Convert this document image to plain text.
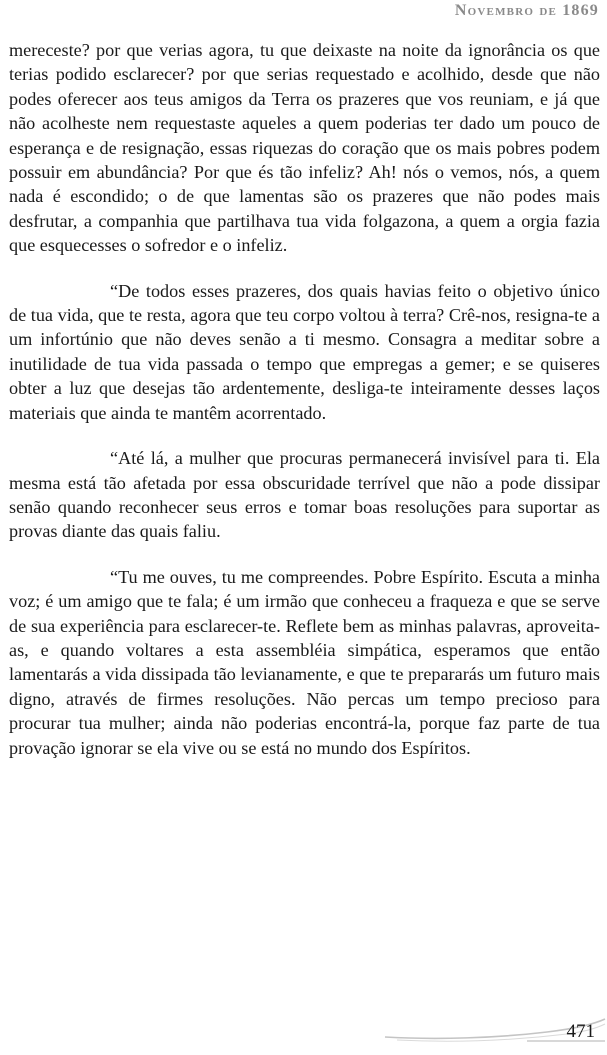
Novembro de 1869

mereceste? por que verias agora, tu que deixaste na noite da ignorância os que terias podido esclarecer? por que serias requestado e acolhido, desde que não podes oferecer aos teus amigos da Terra os prazeres que vos reuniam, e já que não acolheste nem requestaste aqueles a quem poderias ter dado um pouco de esperança e de resignação, essas riquezas do coração que os mais pobres podem possuir em abundância? Por que és tão infeliz? Ah! nós o vemos, nós, a quem nada é escondido; o de que lamentas são os prazeres que não podes mais desfrutar, a companhia que partilhava tua vida folgazona, a quem a orgia fazia que esquecesses o sofredor e o infeliz.

“De todos esses prazeres, dos quais havias feito o objetivo único de tua vida, que te resta, agora que teu corpo voltou à terra? Crê-nos, resigna-te a um infortúnio que não deves senão a ti mesmo. Consagra a meditar sobre a inutilidade de tua vida passada o tempo que empregas a gemer; e se quiseres obter a luz que desejas tão ardentemente, desliga-te inteiramente desses laços materiais que ainda te mantêm acorrentado.

“Até lá, a mulher que procuras permanecerá invisível para ti. Ela mesma está tão afetada por essa obscuridade terrível que não a pode dissipar senão quando reconhecer seus erros e tomar boas resoluções para suportar as provas diante das quais faliu.

“Tu me ouves, tu me compreendes. Pobre Espírito. Escuta a minha voz; é um amigo que te fala; é um irmão que conheceu a fraqueza e que se serve de sua experiência para esclarecer-te. Reflete bem as minhas palavras, aproveita-as, e quando voltares a esta assembléia simpática, esperamos que então lamentarás a vida dissipada tão levianamente, e que te prepararás um futuro mais digno, através de firmes resoluções. Não percas um tempo precioso para procurar tua mulher; ainda não poderias encontrá-la, porque faz parte de tua provação ignorar se ela vive ou se está no mundo dos Espíritos.

471
